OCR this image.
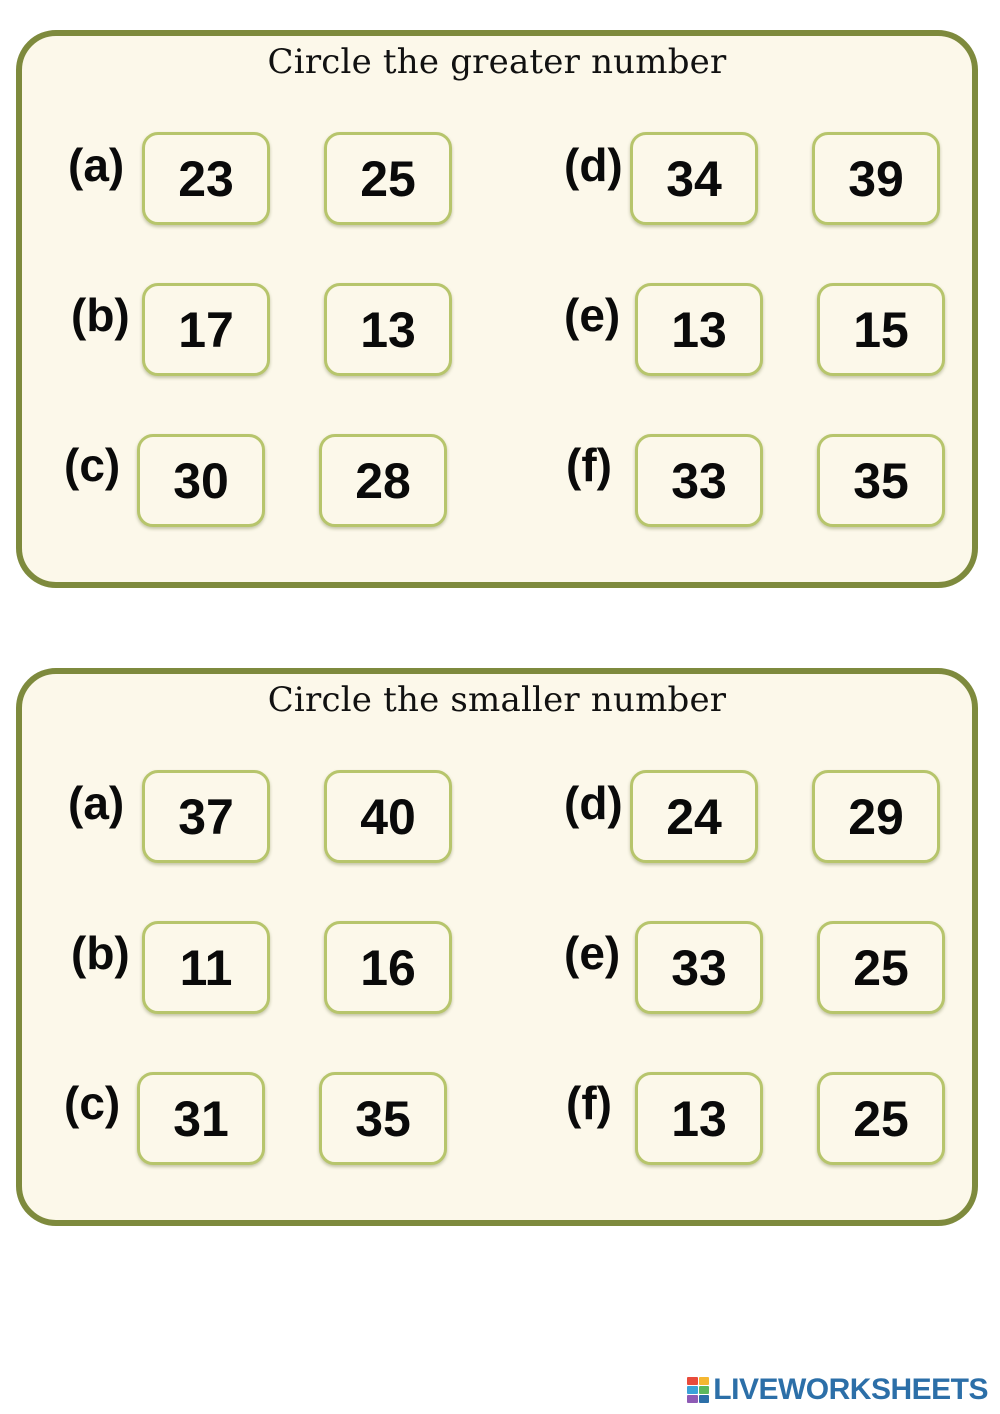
Circle the greater number
(a)	23	25
(b) 17	13
(c)	30	28
(d) 34	39
(e)	13	15
(f)	33	35
Circle the smaller number
(a)	37	40
(b) 11	16
(c)	31	35
(d) 24	29
(e)	33	25
(f)	13	25
LIVEWORKSHEETS
